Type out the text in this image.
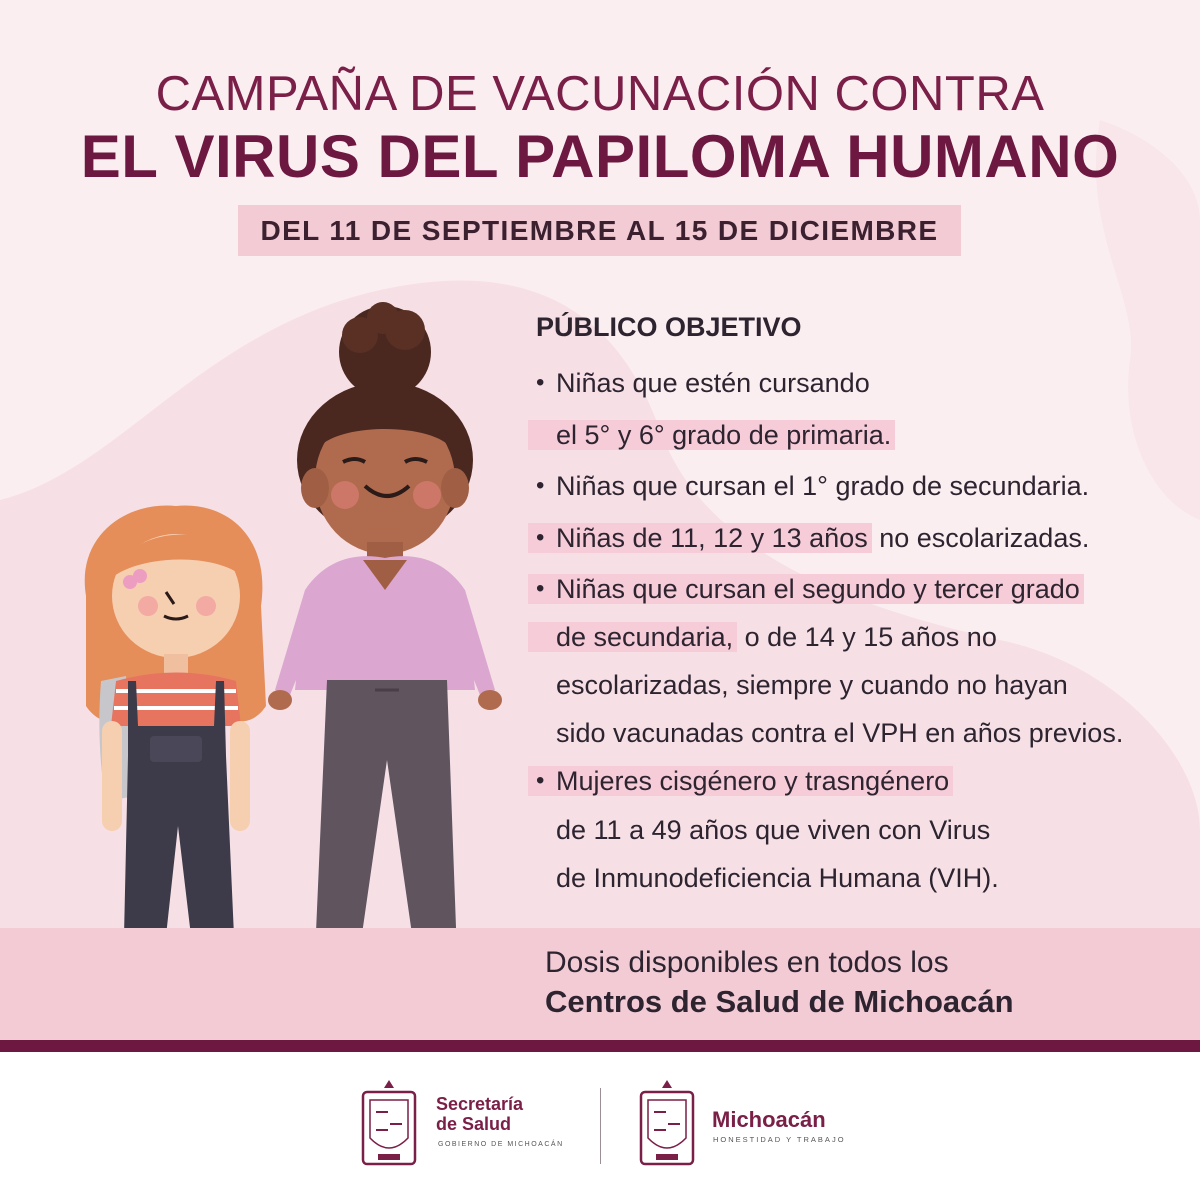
CAMPAÑA DE VACUNACIÓN CONTRA
EL VIRUS DEL PAPILOMA HUMANO
DEL 11 DE SEPTIEMBRE AL 15 DE DICIEMBRE
PÚBLICO OBJETIVO
• Niñas que estén cursando
el 5° y 6° grado de primaria.
• Niñas que cursan el 1° grado de secundaria.
• Niñas de 11, 12 y 13 años no escolarizadas.
• Niñas que cursan el segundo y tercer grado
de secundaria, o de 14 y 15 años no
escolarizadas, siempre y cuando no hayan
sido vacunadas contra el VPH en años previos.
• Mujeres cisgénero y trasngénero
de 11 a 49 años que viven con Virus
de Inmunodeficiencia Humana (VIH).
Dosis disponibles en todos los
Centros de Salud de Michoacán
Secretaría
de Salud
GOBIERNO DE MICHOACÁN
Michoacán
HONESTIDAD Y TRABAJO
